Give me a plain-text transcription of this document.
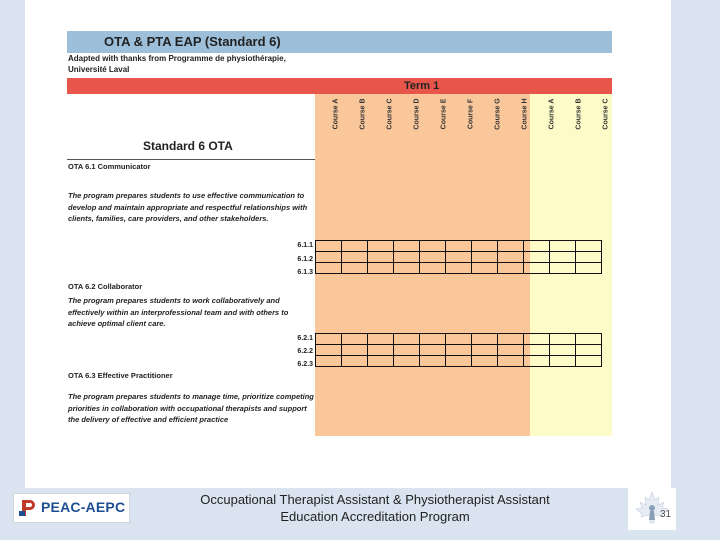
OTA & PTA EAP (Standard 6)
Adapted with thanks from Programme de physiothérapie, Université Laval
Term 1
Course A	Course B	Course C	Course D	Course E	Course F	Course G	Course H	Course A	Course B	Course C
Standard 6 OTA
OTA 6.1 Communicator
The program prepares students to use effective communication to develop and maintain appropriate and respectful relationships with clients, families, care providers, and other stakeholders.
6.1.1
6.1.2
6.1.3

OTA 6.2 Collaborator
The program prepares students to work collaboratively and effectively within an interprofessional team and with others to achieve optimal client care.
6.2.1
6.2.2
6.2.3

OTA 6.3 Effective Practitioner
The program prepares students to manage time, prioritize competing priorities in collaboration with occupational therapists and support the delivery of effective and efficient practice
PEAC-AEPC	Occupational Therapist Assistant & Physiotherapist Assistant
Education Accreditation Program	31
